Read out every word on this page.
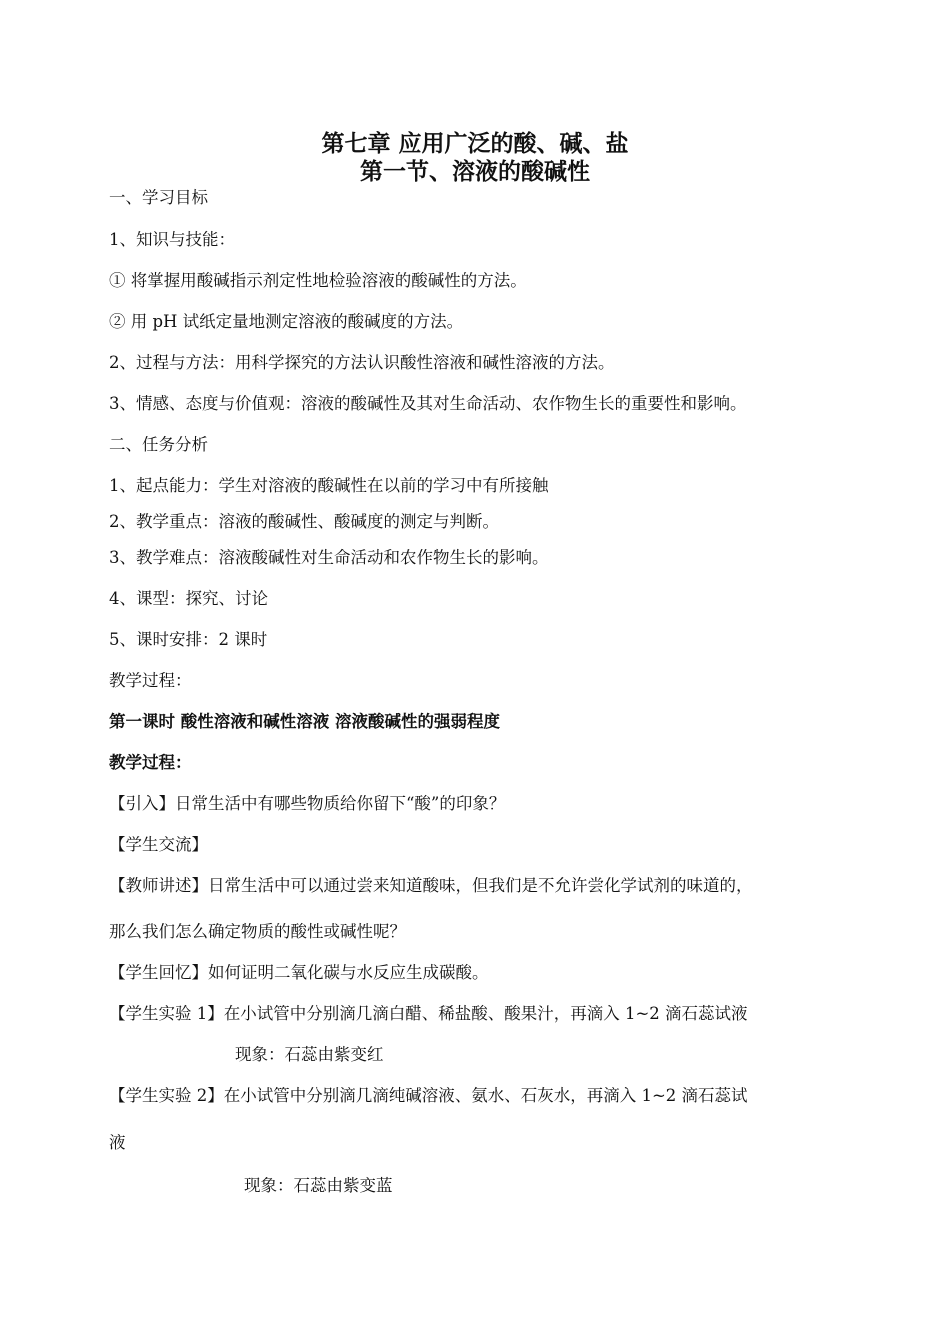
第七章 应用广泛的酸、碱、盐
第一节、溶液的酸碱性
一、学习目标
1、知识与技能：
① 将掌握用酸碱指示剂定性地检验溶液的酸碱性的方法。
② 用 pH 试纸定量地测定溶液的酸碱度的方法。
2、过程与方法：用科学探究的方法认识酸性溶液和碱性溶液的方法。
3、情感、态度与价值观：溶液的酸碱性及其对生命活动、农作物生长的重要性和影响。
二、任务分析
1、起点能力：学生对溶液的酸碱性在以前的学习中有所接触
2、教学重点：溶液的酸碱性、酸碱度的测定与判断。
3、教学难点：溶液酸碱性对生命活动和农作物生长的影响。
4、课型：探究、讨论
5、课时安排：2 课时
教学过程：
第一课时 酸性溶液和碱性溶液 溶液酸碱性的强弱程度
教学过程：
【引入】日常生活中有哪些物质给你留下“酸”的印象？
【学生交流】
【教师讲述】日常生活中可以通过尝来知道酸味，但我们是不允许尝化学试剂的味道的，
那么我们怎么确定物质的酸性或碱性呢？
【学生回忆】如何证明二氧化碳与水反应生成碳酸。
【学生实验 1】在小试管中分别滴几滴白醋、稀盐酸、酸果汁，再滴入 1~2 滴石蕊试液
现象：石蕊由紫变红
【学生实验 2】在小试管中分别滴几滴纯碱溶液、氨水、石灰水，再滴入 1~2 滴石蕊试
液
现象：石蕊由紫变蓝
